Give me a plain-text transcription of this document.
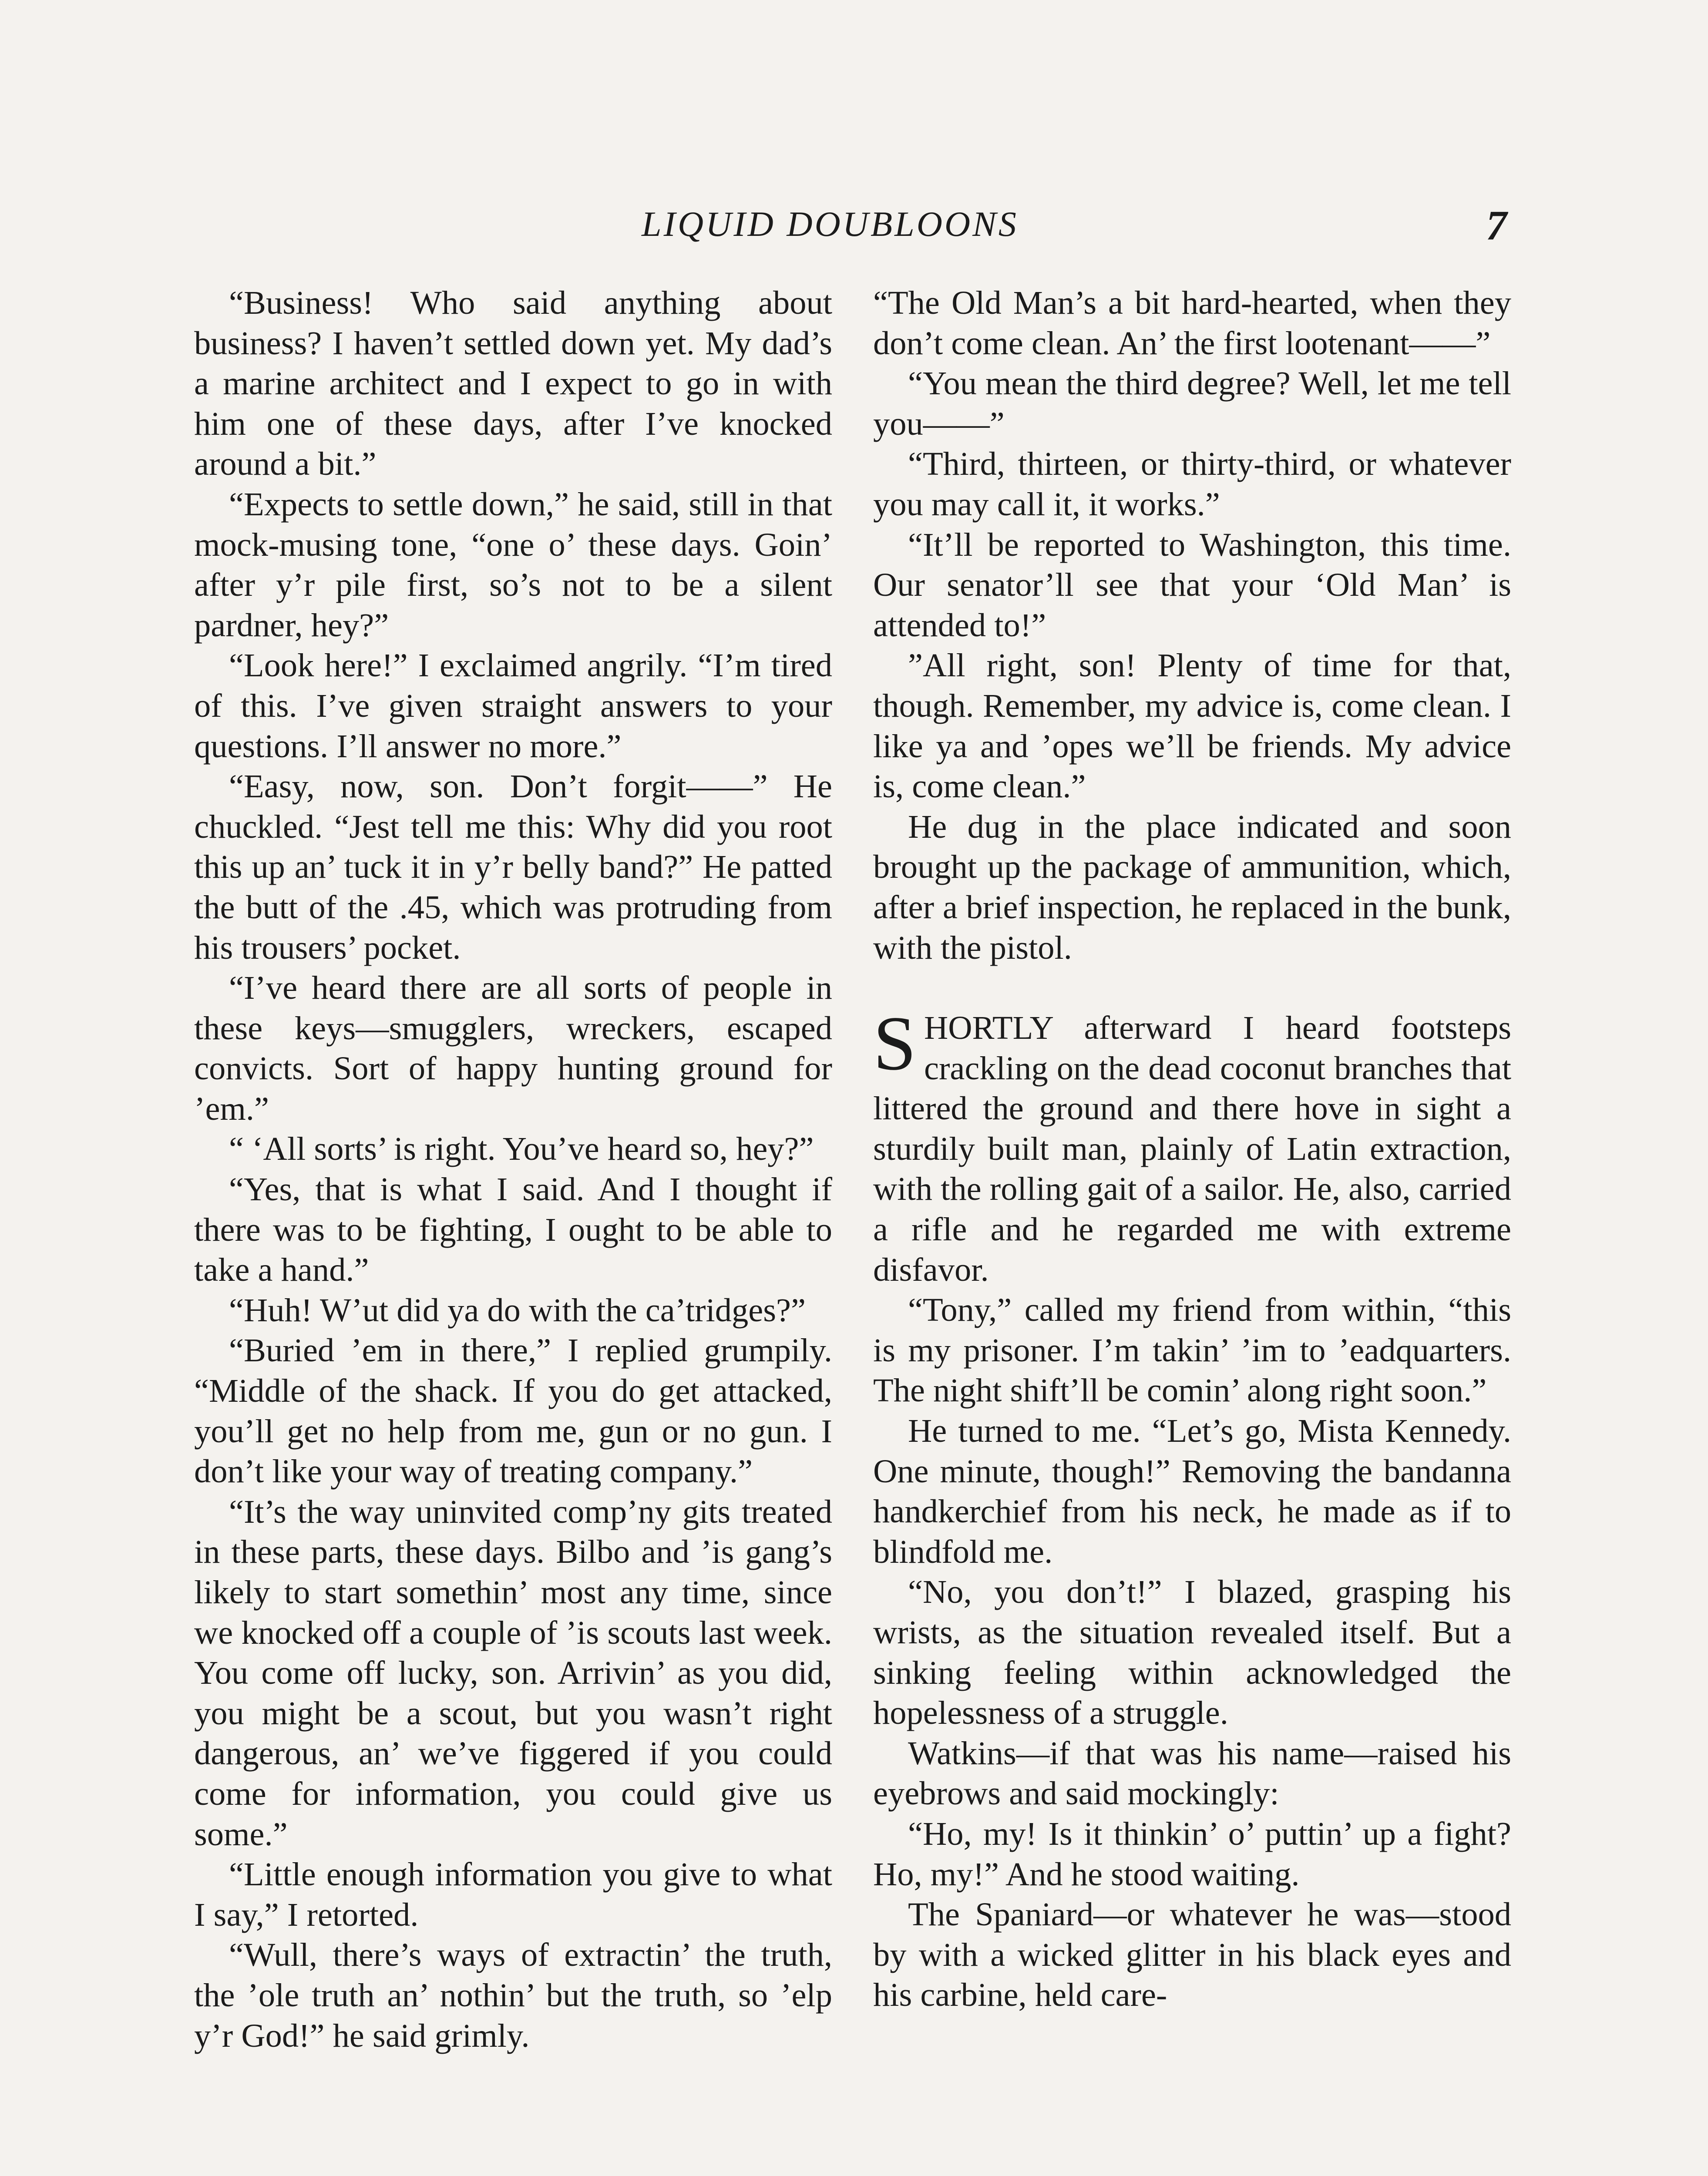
LIQUID DOUBLOONS	7

“Business! Who said anything about business? I haven’t settled down yet. My dad’s a marine architect and I expect to go in with him one of these days, after I’ve knocked around a bit.”

“Expects to settle down,” he said, still in that mock-musing tone, “one o’ these days. Goin’ after y’r pile first, so’s not to be a silent pardner, hey?”

“Look here!” I exclaimed angrily. “I’m tired of this. I’ve given straight answers to your questions. I’ll answer no more.”

“Easy, now, son. Don’t forgit——” He chuckled. “Jest tell me this: Why did you root this up an’ tuck it in y’r belly band?” He patted the butt of the .45, which was protruding from his trousers’ pocket.

“I’ve heard there are all sorts of people in these keys—smugglers, wreckers, escaped convicts. Sort of happy hunting ground for ’em.”

“ ‘All sorts’ is right. You’ve heard so, hey?”

“Yes, that is what I said. And I thought if there was to be fighting, I ought to be able to take a hand.”

“Huh! W’ut did ya do with the ca’tridges?”

“Buried ’em in there,” I replied grumpily. “Middle of the shack. If you do get attacked, you’ll get no help from me, gun or no gun. I don’t like your way of treating company.”

“It’s the way uninvited comp’ny gits treated in these parts, these days. Bilbo and ’is gang’s likely to start somethin’ most any time, since we knocked off a couple of ’is scouts last week. You come off lucky, son. Arrivin’ as you did, you might be a scout, but you wasn’t right dangerous, an’ we’ve figgered if you could come for information, you could give us some.”

“Little enough information you give to what I say,” I retorted.

“Wull, there’s ways of extractin’ the truth, the ’ole truth an’ nothin’ but the truth, so ’elp y’r God!” he said grimly.

“The Old Man’s a bit hard-hearted, when they don’t come clean. An’ the first lootenant——”

“You mean the third degree? Well, let me tell you——”

“Third, thirteen, or thirty-third, or whatever you may call it, it works.”

“It’ll be reported to Washington, this time. Our senator’ll see that your ‘Old Man’ is attended to!”

”All right, son! Plenty of time for that, though. Remember, my advice is, come clean. I like ya and ’opes we’ll be friends. My advice is, come clean.”

He dug in the place indicated and soon brought up the package of ammunition, which, after a brief inspection, he replaced in the bunk, with the pistol.

SHORTLY afterward I heard footsteps crackling on the dead coconut branches that littered the ground and there hove in sight a sturdily built man, plainly of Latin extraction, with the rolling gait of a sailor. He, also, carried a rifle and he regarded me with extreme disfavor.

“Tony,” called my friend from within, “this is my prisoner. I’m takin’ ’im to ’eadquarters. The night shift’ll be comin’ along right soon.”

He turned to me. “Let’s go, Mista Kennedy. One minute, though!” Removing the bandanna handkerchief from his neck, he made as if to blindfold me.

“No, you don’t!” I blazed, grasping his wrists, as the situation revealed itself. But a sinking feeling within acknowledged the hopelessness of a struggle.

Watkins—if that was his name—raised his eyebrows and said mockingly:

“Ho, my! Is it thinkin’ o’ puttin’ up a fight? Ho, my!” And he stood waiting.

The Spaniard—or whatever he was—stood by with a wicked glitter in his black eyes and his carbine, held care-
